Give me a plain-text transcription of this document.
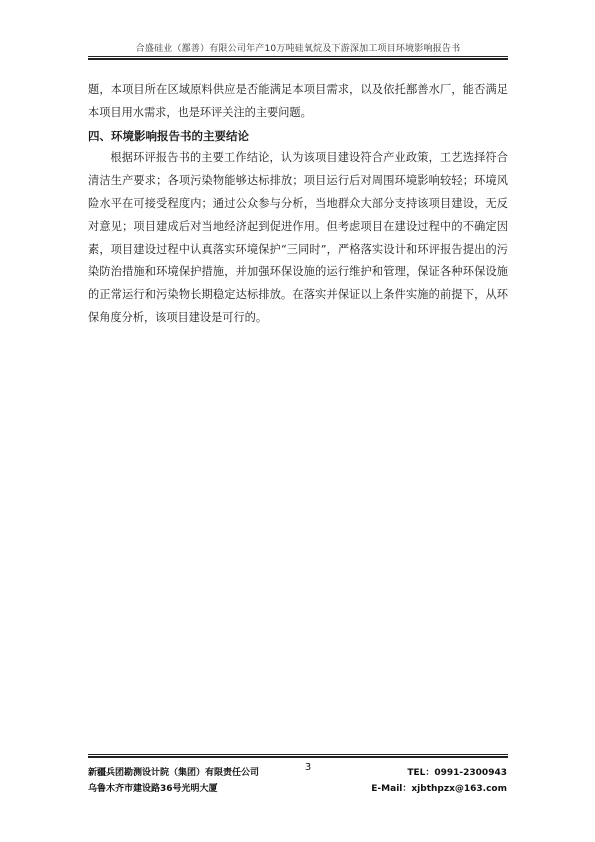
合盛硅业（鄯善）有限公司年产10万吨硅氧烷及下游深加工项目环境影响报告书

题，本项目所在区域原料供应是否能满足本项目需求，以及依托鄯善水厂，能否满足本项目用水需求，也是环评关注的主要问题。

四、环境影响报告书的主要结论

根据环评报告书的主要工作结论，认为该项目建设符合产业政策，工艺选择符合清洁生产要求；各项污染物能够达标排放；项目运行后对周围环境影响较轻；环境风险水平在可接受程度内；通过公众参与分析，当地群众大部分支持该项目建设，无反对意见；项目建成后对当地经济起到促进作用。但考虑项目在建设过程中的不确定因素，项目建设过程中认真落实环境保护“三同时”，严格落实设计和环评报告提出的污染防治措施和环境保护措施，并加强环保设施的运行维护和管理，保证各种环保设施的正常运行和污染物长期稳定达标排放。在落实并保证以上条件实施的前提下，从环保角度分析，该项目建设是可行的。

新疆兵团勘测设计院（集团）有限责任公司
乌鲁木齐市建设路36号光明大厦
3	TEL：0991-2300943
E-Mail：xjbthpzx@163.com
